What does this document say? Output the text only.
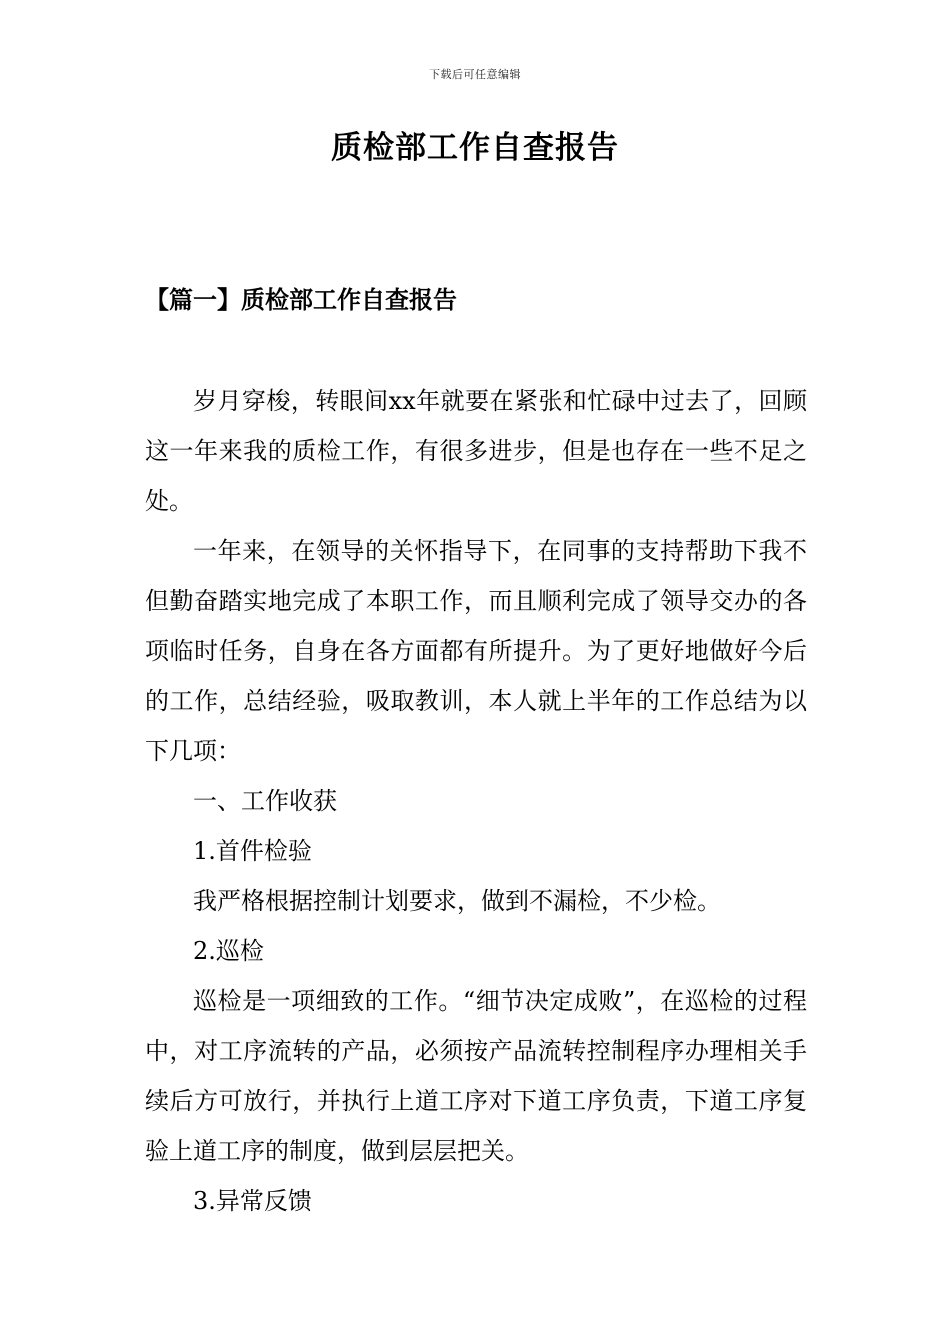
下载后可任意编辑
质检部工作自查报告
【篇一】质检部工作自查报告

岁月穿梭，转眼间xx年就要在紧张和忙碌中过去了，回顾这一年来我的质检工作，有很多进步，但是也存在一些不足之处。

一年来，在领导的关怀指导下，在同事的支持帮助下我不但勤奋踏实地完成了本职工作，而且顺利完成了领导交办的各项临时任务，自身在各方面都有所提升。为了更好地做好今后的工作，总结经验，吸取教训，本人就上半年的工作总结为以下几项：

一、工作收获

1.首件检验

我严格根据控制计划要求，做到不漏检，不少检。

2.巡检

巡检是一项细致的工作。“细节决定成败”，在巡检的过程中，对工序流转的产品，必须按产品流转控制程序办理相关手续后方可放行，并执行上道工序对下道工序负责，下道工序复验上道工序的制度，做到层层把关。

3.异常反馈
